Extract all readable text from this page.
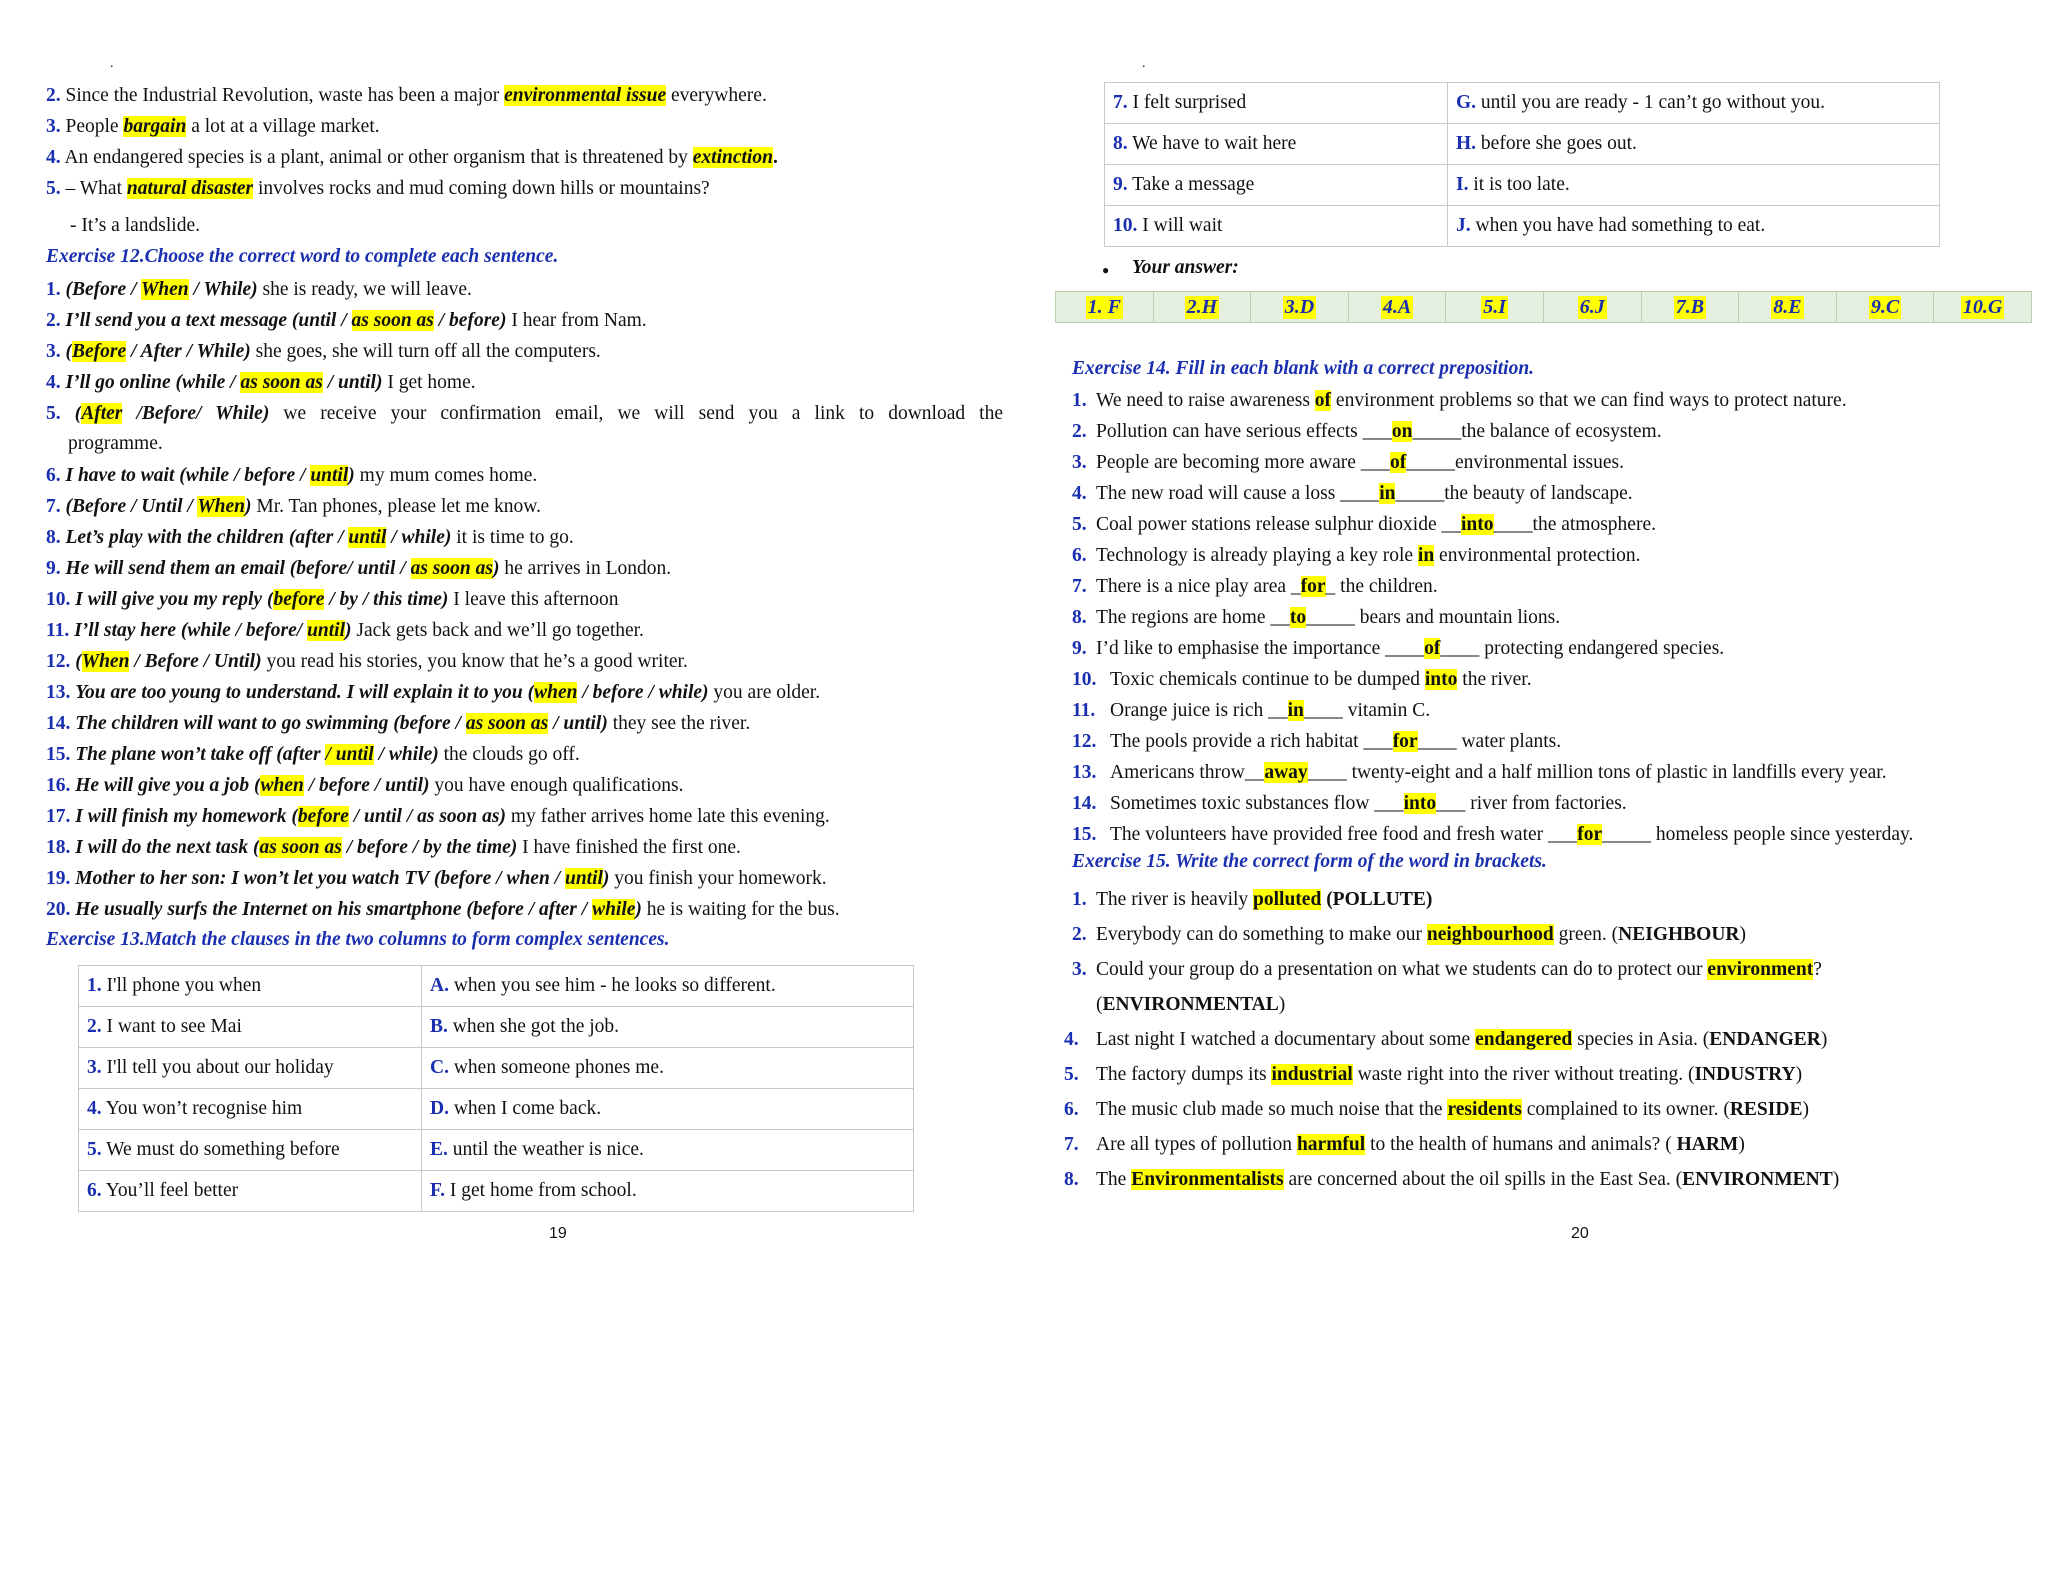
.
2. Since the Industrial Revolution, waste has been a major environmental issue everywhere.
3. People bargain a lot at a village market.
4. An endangered species is a plant, animal or other organism that is threatened by extinction.
5. – What natural disaster involves rocks and mud coming down hills or mountains?
- It’s a landslide.
Exercise 12.Choose the correct word to complete each sentence.
1. (Before / When / While) she is ready, we will leave.
2. I’ll send you a text message (until / as soon as / before) I hear from Nam.
3. (Before / After / While) she goes, she will turn off all the computers.
4. I’ll go online (while / as soon as / until) I get home.
5. (After /Before/ While) we receive your confirmation email, we will send you a link to download the
6. I have to wait (while / before / until) my mum comes home.
7. (Before / Until / When) Mr. Tan phones, please let me know.
8. Let’s play with the children (after / until / while) it is time to go.
9. He will send them an email (before/ until / as soon as) he arrives in London.
10. I will give you my reply (before / by / this time) I leave this afternoon
11. I’ll stay here (while / before/ until) Jack gets back and we’ll go together.
12. (When / Before / Until) you read his stories, you know that he’s a good writer.
13. You are too young to understand. I will explain it to you (when / before / while) you are older.
14. The children will want to go swimming (before / as soon as / until) they see the river.
15. The plane won’t take off (after / until / while) the clouds go off.
16. He will give you a job (when / before / until) you have enough qualifications.
17. I will finish my homework (before / until / as soon as) my father arrives home late this evening.
18. I will do the next task (as soon as / before / by the time) I have finished the first one.
19. Mother to her son: I won’t let you watch TV (before / when / until) you finish your homework.
20. He usually surfs the Internet on his smartphone (before / after / while) he is waiting for the bus.
programme.
Exercise 13.Match the clauses in the two columns to form complex sentences.
1. I'll phone you when	A. when you see him - he looks so different.
2. I want to see Mai	B. when she got the job.
3. I'll tell you about our holiday	C. when someone phones me.
4. You won’t recognise him	D. when I come back.
5. We must do something before	E. until the weather is nice.
6. You’ll feel better	F. I get home from school.
19
.
7. I felt surprised	G. until you are ready - 1 can’t go without you.
8. We have to wait here	H. before she goes out.
9. Take a message	I. it is too late.
10. I will wait	J. when you have had something to eat.
● Your answer:
Exercise 14. Fill in each blank with a correct preposition.
1. We need to raise awareness of environment problems so that we can find ways to protect nature.
2. Pollution can have serious effects ___on_____the balance of ecosystem.
3. People are becoming more aware ___of_____environmental issues.
4. The new road will cause a loss ____in_____the beauty of landscape.
5. Coal power stations release sulphur dioxide __into____the atmosphere.
6. Technology is already playing a key role in environmental protection.
7. There is a nice play area _for_ the children.
8. The regions are home __to_____ bears and mountain lions.
9. I’d like to emphasise the importance ____of____ protecting endangered species.
10. Toxic chemicals continue to be dumped into the river.
11. Orange juice is rich __in____ vitamin C.
12. The pools provide a rich habitat ___for____ water plants.
13. Americans throw__away____ twenty-eight and a half million tons of plastic in landfills every year.
14. Sometimes toxic substances flow ___into___ river from factories.
15. The volunteers have provided free food and fresh water ___for_____ homeless people since yesterday.
Exercise 15. Write the correct form of the word in brackets.
1. The river is heavily polluted (POLLUTE)
2. Everybody can do something to make our neighbourhood green. (NEIGHBOUR)
3. Could your group do a presentation on what we students can do to protect our environment?
4. Last night I watched a documentary about some endangered species in Asia. (ENDANGER)
5. The factory dumps its industrial waste right into the river without treating. (INDUSTRY)
6. The music club made so much noise that the residents complained to its owner. (RESIDE)
7. Are all types of pollution harmful to the health of humans and animals? ( HARM)
8. The Environmentalists are concerned about the oil spills in the East Sea. (ENVIRONMENT)
(ENVIRONMENTAL)
20
1. F	2.H	3.D	4.A	5.I	6.J	7.B	8.E	9.C	10.G
